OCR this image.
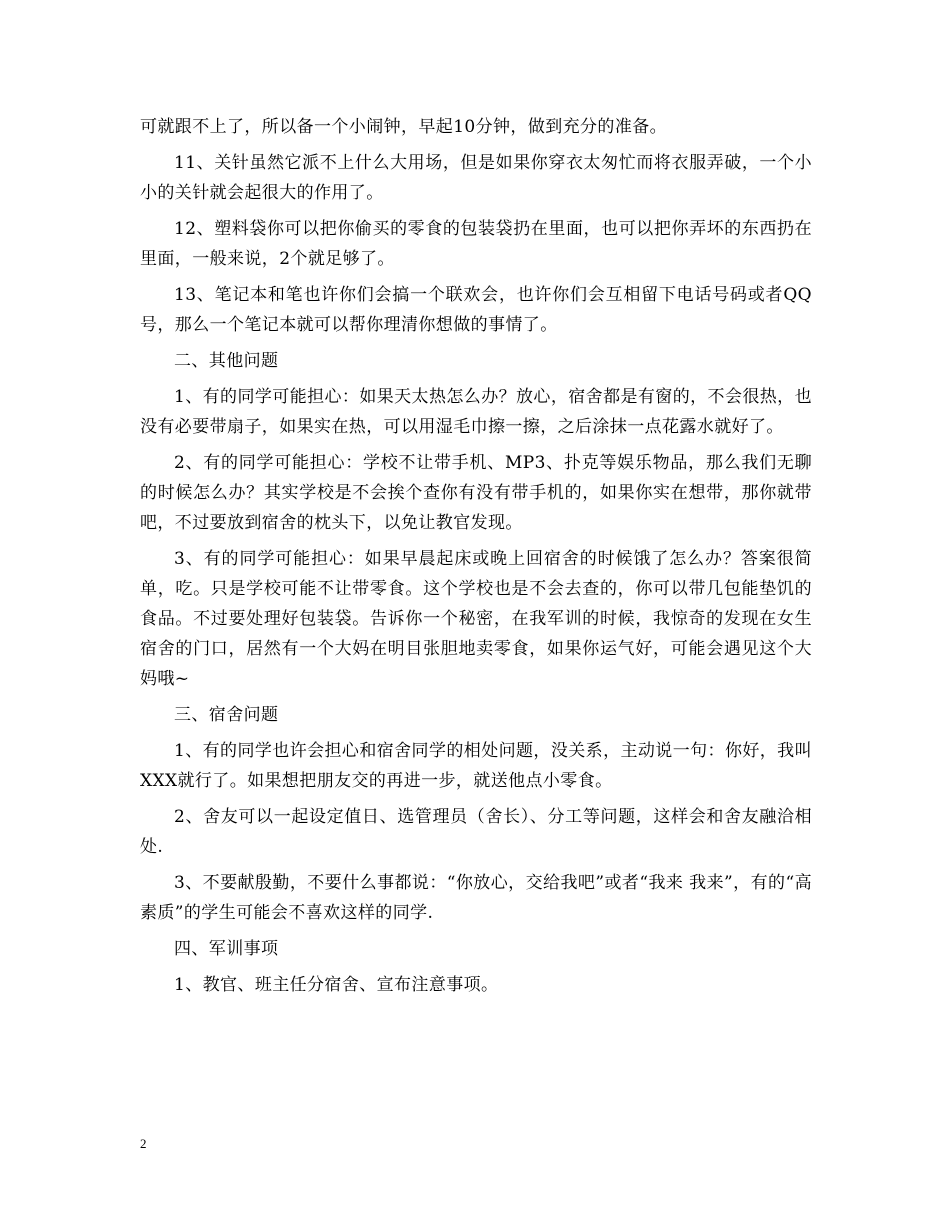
可就跟不上了，所以备一个小闹钟，早起10分钟，做到充分的准备。

11、关针虽然它派不上什么大用场，但是如果你穿衣太匆忙而将衣服弄破，一个小小的关针就会起很大的作用了。

12、塑料袋你可以把你偷买的零食的包装袋扔在里面，也可以把你弄坏的东西扔在里面，一般来说，2个就足够了。

13、笔记本和笔也许你们会搞一个联欢会，也许你们会互相留下电话号码或者QQ号，那么一个笔记本就可以帮你理清你想做的事情了。

二、其他问题

1、有的同学可能担心：如果天太热怎么办？放心，宿舍都是有窗的，不会很热，也没有必要带扇子，如果实在热，可以用湿毛巾擦一擦，之后涂抹一点花露水就好了。

2、有的同学可能担心：学校不让带手机、MP3、扑克等娱乐物品，那么我们无聊的时候怎么办？其实学校是不会挨个查你有没有带手机的，如果你实在想带，那你就带吧，不过要放到宿舍的枕头下，以免让教官发现。

3、有的同学可能担心：如果早晨起床或晚上回宿舍的时候饿了怎么办？答案很简单，吃。只是学校可能不让带零食。这个学校也是不会去查的，你可以带几包能垫饥的食品。不过要处理好包装袋。告诉你一个秘密，在我军训的时候，我惊奇的发现在女生宿舍的门口，居然有一个大妈在明目张胆地卖零食，如果你运气好，可能会遇见这个大妈哦~

三、宿舍问题

1、有的同学也许会担心和宿舍同学的相处问题，没关系，主动说一句：你好，我叫XXX就行了。如果想把朋友交的再进一步，就送他点小零食。

2、舍友可以一起设定值日、选管理员（舍长）、分工等问题，这样会和舍友融洽相处.

3、不要献殷勤，不要什么事都说：“你放心，交给我吧”或者“我来 我来”，有的“高素质”的学生可能会不喜欢这样的同学.

四、军训事项

1、教官、班主任分宿舍、宣布注意事项。

2
